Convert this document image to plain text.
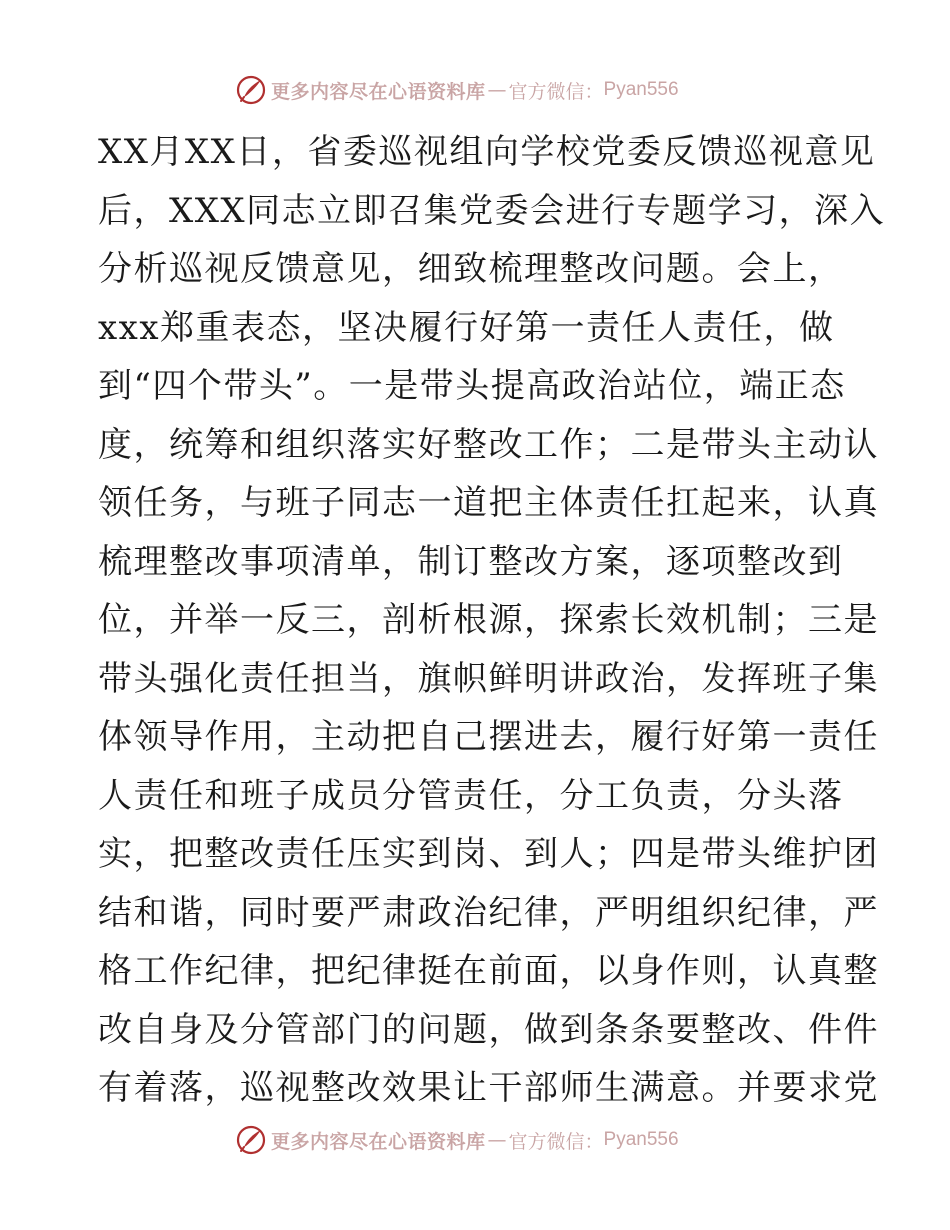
更多内容尽在心语资料库 — 官方微信： Pyan556
XX月XX日，省委巡视组向学校党委反馈巡视意见
后，XXX同志立即召集党委会进行专题学习，深入
分析巡视反馈意见，细致梳理整改问题。会上，
xxx郑重表态，坚决履行好第一责任人责任，做
到“四个带头”。一是带头提高政治站位，端正态
度，统筹和组织落实好整改工作；二是带头主动认
领任务，与班子同志一道把主体责任扛起来，认真
梳理整改事项清单，制订整改方案，逐项整改到
位，并举一反三，剖析根源，探索长效机制；三是
带头强化责任担当，旗帜鲜明讲政治，发挥班子集
体领导作用，主动把自己摆进去，履行好第一责任
人责任和班子成员分管责任，分工负责，分头落
实，把整改责任压实到岗、到人；四是带头维护团
结和谐，同时要严肃政治纪律，严明组织纪律，严
格工作纪律，把纪律挺在前面，以身作则，认真整
改自身及分管部门的问题，做到条条要整改、件件
有着落，巡视整改效果让干部师生满意。并要求党
更多内容尽在心语资料库 — 官方微信： Pyan556
